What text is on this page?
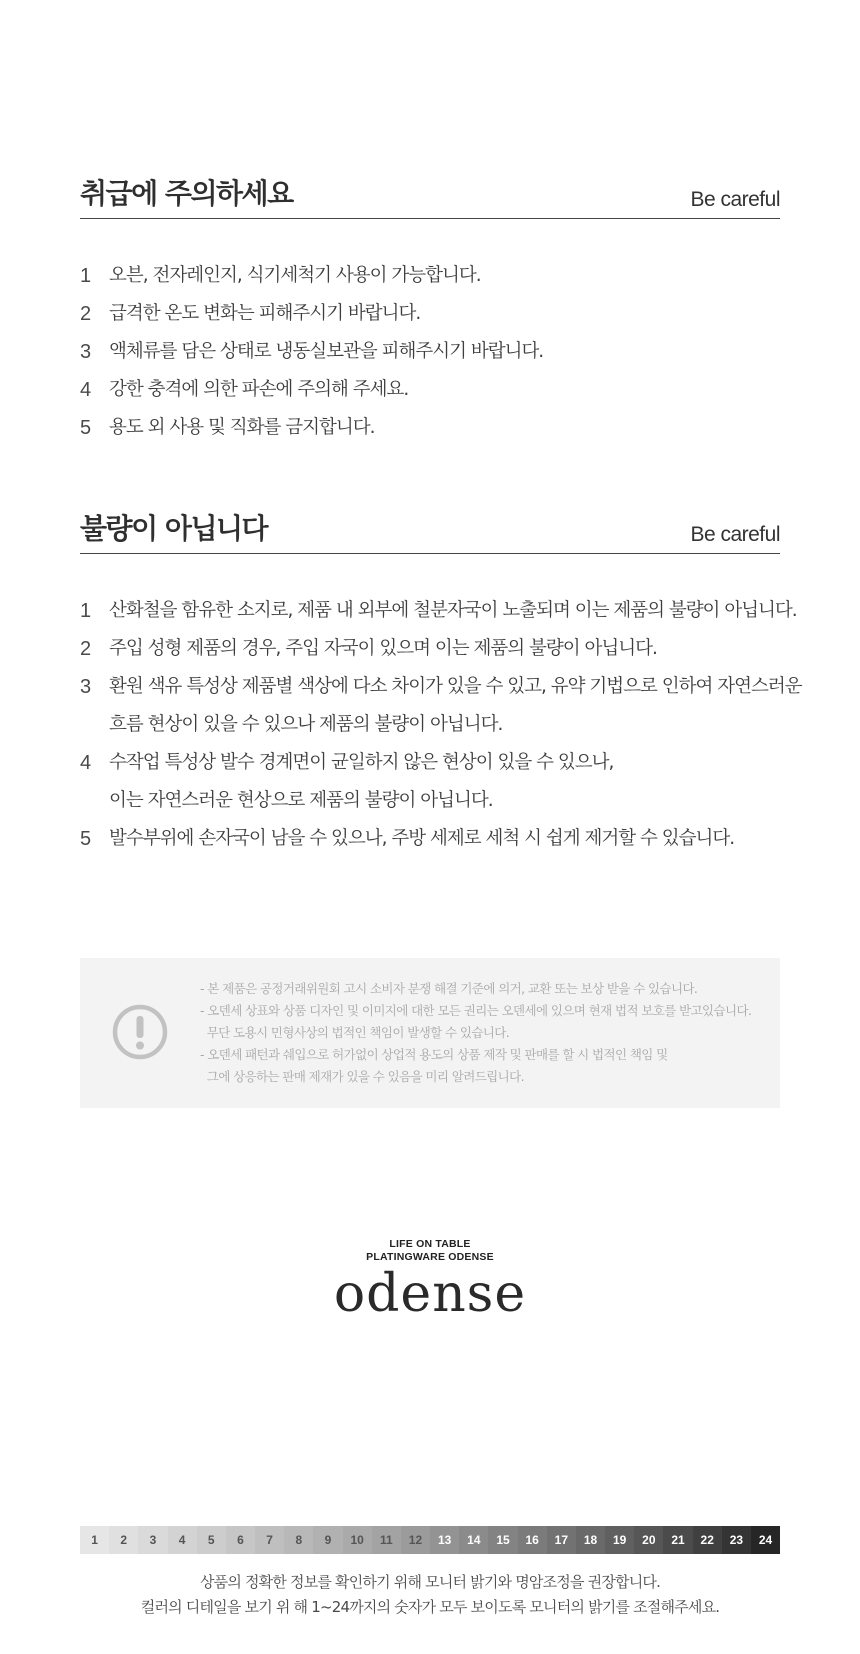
취급에 주의하세요	Be careful
1	오븐, 전자레인지, 식기세척기 사용이 가능합니다.
2	급격한 온도 변화는 피해주시기 바랍니다.
3	액체류를 담은 상태로 냉동실보관을 피해주시기 바랍니다.
4	강한 충격에 의한 파손에 주의해 주세요.
5	용도 외 사용 및 직화를 금지합니다.
불량이 아닙니다	Be careful
1	산화철을 함유한 소지로, 제품 내 외부에 철분자국이 노출되며 이는 제품의 불량이 아닙니다.
2	주입 성형 제품의 경우, 주입 자국이 있으며 이는 제품의 불량이 아닙니다.
3	환원 색유 특성상 제품별 색상에 다소 차이가 있을 수 있고, 유약 기법으로 인하여 자연스러운
흐름 현상이 있을 수 있으나 제품의 불량이 아닙니다.
4	수작업 특성상 발수 경계면이 균일하지 않은 현상이 있을 수 있으나,
이는 자연스러운 현상으로 제품의 불량이 아닙니다.
5	발수부위에 손자국이 남을 수 있으나, 주방 세제로 세척 시 쉽게 제거할 수 있습니다.
- 본 제품은 공정거래위원회 고시 소비자 분쟁 해결 기준에 의거, 교환 또는 보상 받을 수 있습니다.
- 오덴세 상표와 상품 디자인 및 이미지에 대한 모든 권리는 오덴세에 있으며 현재 법적 보호를 받고있습니다.
무단 도용시 민형사상의 법적인 책임이 발생할 수 있습니다.
- 오덴세 패턴과 쉐입으로 허가없이 상업적 용도의 상품 제작 및 판매를 할 시 법적인 책임 및
그에 상응하는 판매 제재가 있을 수 있음을 미리 알려드립니다.
LIFE ON TABLE
PLATINGWARE ODENSE
odense
1	2	3	4	5	6	7	8	9	10	11	12	13	14	15	16	17	18	19	20	21	22	23	24
상품의 정확한 정보를 확인하기 위해 모니터 밝기와 명암조정을 권장합니다.
컬러의 디테일을 보기 위 해 1~24까지의 숫자가 모두 보이도록 모니터의 밝기를 조절해주세요.
